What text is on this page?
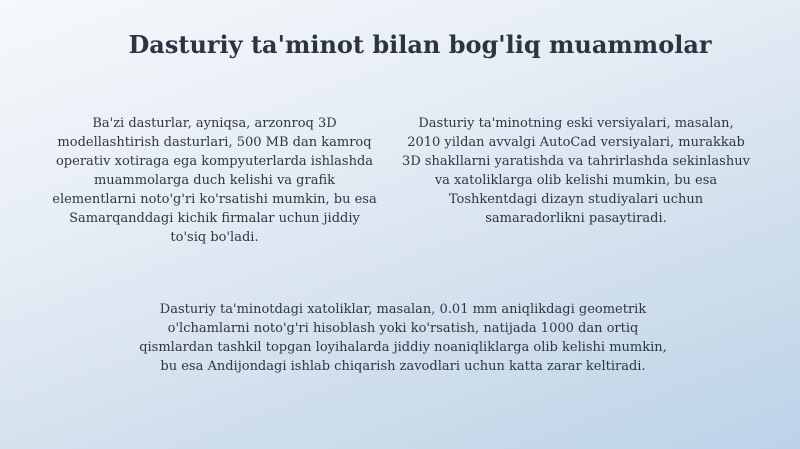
Dasturiy ta'minot bilan bog'liq muammolar

Ba'zi dasturlar, ayniqsa, arzonroq 3D modellashtirish dasturlari, 500 MB dan kamroq operativ xotiraga ega kompyuterlarda ishlashda muammolarga duch kelishi va grafik elementlarni noto'g'ri ko'rsatishi mumkin, bu esa Samarqanddagi kichik firmalar uchun jiddiy to'siq bo'ladi.

Dasturiy ta'minotning eski versiyalari, masalan, 2010 yildan avvalgi AutoCad versiyalari, murakkab 3D shakllarni yaratishda va tahrirlashda sekinlashuv va xatoliklarga olib kelishi mumkin, bu esa Toshkentdagi dizayn studiyalari uchun samaradorlikni pasaytiradi.

Dasturiy ta'minotdagi xatoliklar, masalan, 0.01 mm aniqlikdagi geometrik o'lchamlarni noto'g'ri hisoblash yoki ko'rsatish, natijada 1000 dan ortiq qismlardan tashkil topgan loyihalarda jiddiy noaniqliklarga olib kelishi mumkin, bu esa Andijondagi ishlab chiqarish zavodlari uchun katta zarar keltiradi.
